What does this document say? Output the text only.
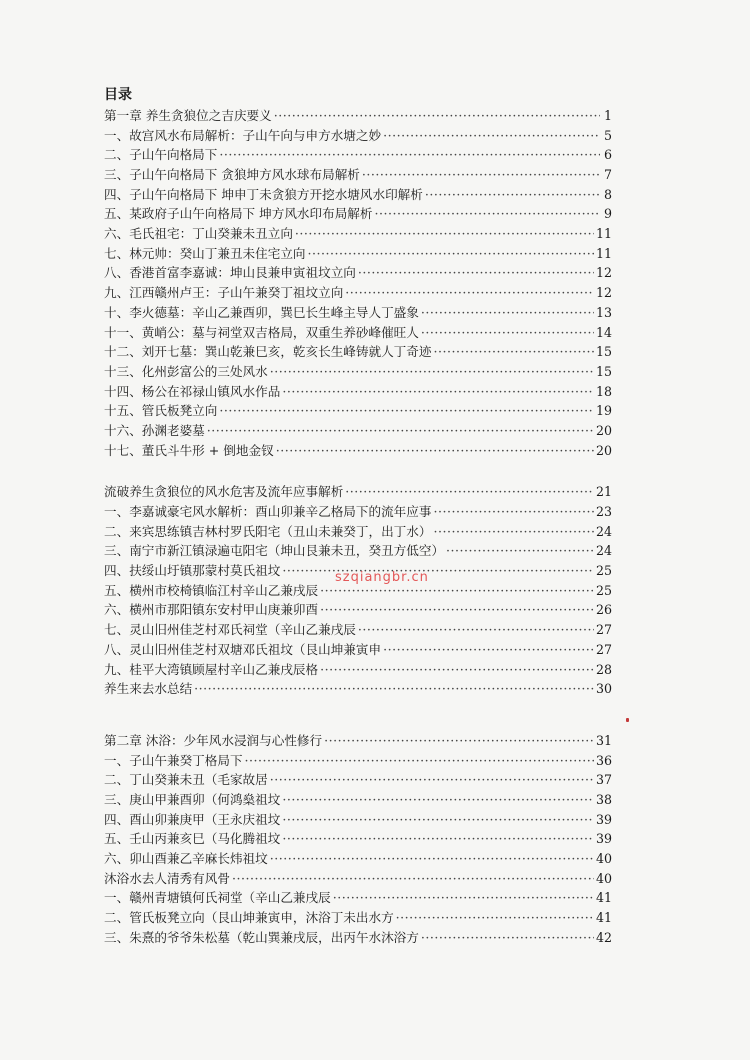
目录
第一章 养生贪狼位之吉庆要义 ·····	1
一、故宫风水布局解析：子山午向与申方水塘之妙 ·····	5
二、子山午向格局下 ·····	6
三、子山午向格局下 贪狼坤方风水球布局解析 ·····	7
四、子山午向格局下 坤申丁未贪狼方开挖水塘风水印解析 ·····	8
五、某政府子山午向格局下 坤方风水印布局解析 ·····	9
六、毛氏祖宅：丁山癸兼未丑立向 ·····	11
七、林元帅：癸山丁兼丑未住宅立向 ·····	11
八、香港首富李嘉诚：坤山艮兼申寅祖坟立向 ·····	12
九、江西赣州卢王：子山午兼癸丁祖坟立向 ·····	12
十、李火德墓：辛山乙兼酉卯，巽巳长生峰主导人丁盛象 ·····	13
十一、黄峭公：墓与祠堂双吉格局，双重生养砂峰催旺人 ·····	14
十二、刘开七墓：巽山乾兼巳亥，乾亥长生峰铸就人丁奇迹 ·····	15
十三、化州彭富公的三处风水 ·····	15
十四、杨公在祁禄山镇风水作品 ·····	18
十五、管氏板凳立向 ·····	19
十六、孙渊老婆墓 ·····	20
十七、董氏斗牛形 + 倒地金钗 ·····	20
流破养生贪狼位的风水危害及流年应事解析 ·····	21
一、李嘉诚豪宅风水解析：酉山卯兼辛乙格局下的流年应事 ·····	23
二、来宾思练镇吉林村罗氏阳宅（丑山未兼癸丁，出丁水） ·····	24
三、南宁市新江镇渌遍屯阳宅（坤山艮兼未丑，癸丑方低空） ·····	24
四、扶绥山圩镇那蒙村莫氏祖坟 ·····	25
五、横州市校椅镇临江村辛山乙兼戌辰 ·····	25
六、横州市那阳镇东安村甲山庚兼卯酉 ·····	26
七、灵山旧州佳芝村邓氏祠堂（辛山乙兼戌辰 ·····	27
八、灵山旧州佳芝村双塘邓氏祖坟（艮山坤兼寅申 ·····	27
九、桂平大湾镇顾屋村辛山乙兼戌辰格 ·····	28
养生来去水总结 ·····	30
第二章 沐浴：少年风水浸润与心性修行 ·····	31
一、子山午兼癸丁格局下 ·····	36
二、丁山癸兼未丑（毛家故居 ·····	37
三、庚山甲兼酉卯（何鸿燊祖坟 ·····	38
四、酉山卯兼庚甲（王永庆祖坟 ·····	39
五、壬山丙兼亥巳（马化腾祖坟 ·····	39
六、卯山酉兼乙辛麻长炜祖坟 ·····	40
沐浴水去人清秀有风骨 ·····	40
一、赣州青塘镇何氏祠堂（辛山乙兼戌辰 ·····	41
二、管氏板凳立向（艮山坤兼寅申，沐浴丁未出水方 ·····	41
三、朱熹的爷爷朱松墓（乾山巽兼戌辰，出丙午水沐浴方 ·····	42
szqiangbr.cn
